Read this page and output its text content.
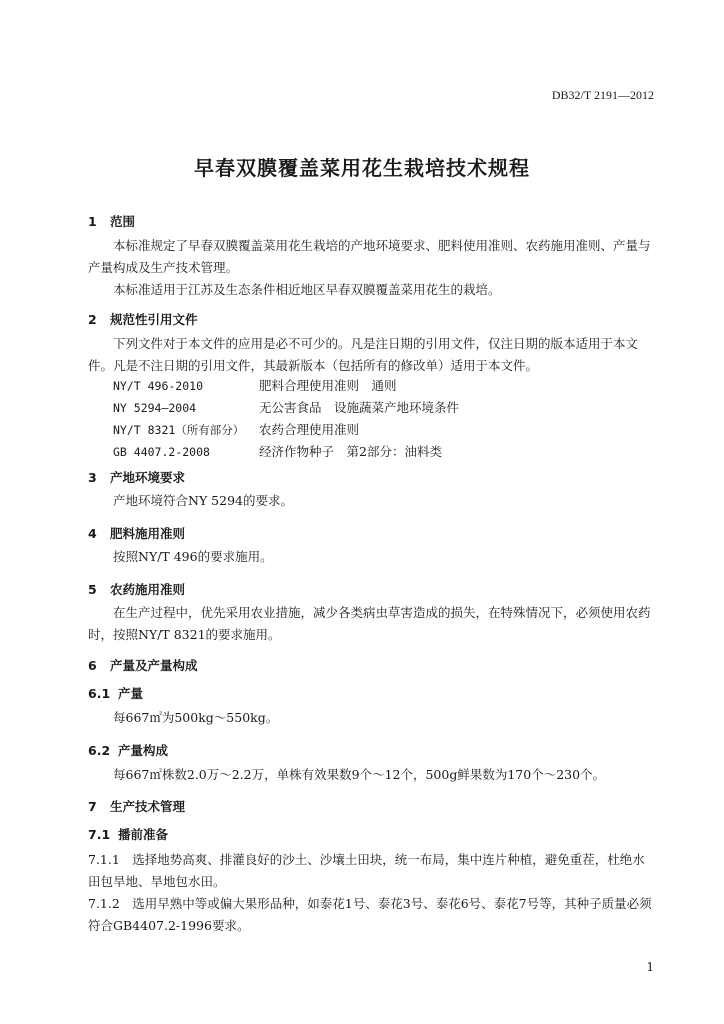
DB32/T 2191—2012
早春双膜覆盖菜用花生栽培技术规程
1 范围
本标准规定了早春双膜覆盖菜用花生栽培的产地环境要求、肥料使用准则、农药施用准则、产量与产量构成及生产技术管理。
本标准适用于江苏及生态条件相近地区早春双膜覆盖菜用花生的栽培。
2 规范性引用文件
下列文件对于本文件的应用是必不可少的。凡是注日期的引用文件，仅注日期的版本适用于本文件。凡是不注日期的引用文件，其最新版本（包括所有的修改单）适用于本文件。
NY/T 496-2010	肥料合理使用准则　通则
NY 5294—2004	无公害食品　设施蔬菜产地环境条件
NY/T 8321（所有部分） 农药合理使用准则
GB 4407.2-2008	经济作物种子　第2部分：油料类
3 产地环境要求
产地环境符合NY 5294的要求。
4 肥料施用准则
按照NY/T 496的要求施用。
5 农药施用准则
在生产过程中，优先采用农业措施，减少各类病虫草害造成的损失，在特殊情况下，必须使用农药时，按照NY/T 8321的要求施用。
6 产量及产量构成
6.1 产量
每667㎡为500kg～550kg。
6.2 产量构成
每667㎡株数2.0万～2.2万，单株有效果数9个～12个，500g鲜果数为170个～230个。
7 生产技术管理
7.1 播前准备
7.1.1　选择地势高爽、排灌良好的沙土、沙壤土田块，统一布局，集中连片种植，避免重茬，杜绝水田包旱地、旱地包水田。
7.1.2　选用早熟中等或偏大果形品种，如泰花1号、泰花3号、泰花6号、泰花7号等，其种子质量必须符合GB4407.2-1996要求。
1
